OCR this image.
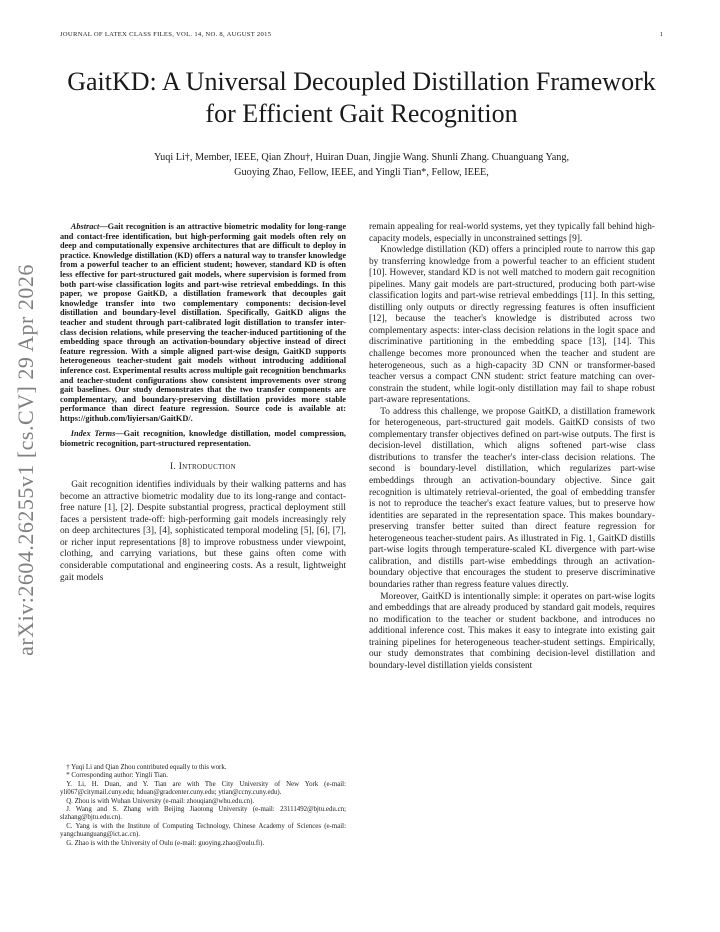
JOURNAL OF LATEX CLASS FILES, VOL. 14, NO. 8, AUGUST 2015	1
arXiv:2604.26255v1 [cs.CV] 29 Apr 2026
GaitKD: A Universal Decoupled Distillation Framework for Efficient Gait Recognition
Yuqi Li†, Member, IEEE, Qian Zhou†, Huiran Duan, Jingjie Wang. Shunli Zhang. Chuanguang Yang,
Guoying Zhao, Fellow, IEEE, and Yingli Tian*, Fellow, IEEE,
Abstract—Gait recognition is an attractive biometric modality for long-range and contact-free identification, but high-performing gait models often rely on deep and computationally expensive architectures that are difficult to deploy in practice. Knowledge distillation (KD) offers a natural way to transfer knowledge from a powerful teacher to an efficient student; however, standard KD is often less effective for part-structured gait models, where supervision is formed from both part-wise classification logits and part-wise retrieval embeddings. In this paper, we propose GaitKD, a distillation framework that decouples gait knowledge transfer into two complementary components: decision-level distillation and boundary-level distillation. Specifically, GaitKD aligns the teacher and student through part-calibrated logit distillation to transfer inter-class decision relations, while preserving the teacher-induced partitioning of the embedding space through an activation-boundary objective instead of direct feature regression. With a simple aligned part-wise design, GaitKD supports heterogeneous teacher-student gait models without introducing additional inference cost. Experimental results across multiple gait recognition benchmarks and teacher-student configurations show consistent improvements over strong gait baselines. Our study demonstrates that the two transfer components are complementary, and boundary-preserving distillation provides more stable performance than direct feature regression. Source code is available at: https://github.com/liyiersan/GaitKD/.
Index Terms—Gait recognition, knowledge distillation, model compression, biometric recognition, part-structured representation.
I. Introduction

Gait recognition identifies individuals by their walking patterns and has become an attractive biometric modality due to its long-range and contact-free nature [1], [2]. Despite substantial progress, practical deployment still faces a persistent trade-off: high-performing gait models increasingly rely on deep architectures [3], [4], sophisticated temporal modeling [5], [6], [7], or richer input representations [8] to improve robustness under viewpoint, clothing, and carrying variations, but these gains often come with considerable computational and engineering costs. As a result, lightweight gait models

† Yuqi Li and Qian Zhou contributed equally to this work.
* Corresponding author: Yingli Tian.
Y. Li, H. Duan, and Y. Tian are with The City University of New York (e-mail: yli067@citymail.cuny.edu; hduan@gradcenter.cuny.edu; ytian@ccny.cuny.edu).
Q. Zhou is with Wuhan University (e-mail: zhouqian@whu.edu.cn).
J. Wang and S. Zhang with Beijing Jiaotong University (e-mail: 23111492@bjtu.edu.cn; slzhang@bjtu.edu.cn).
C. Yang is with the Institute of Computing Technology, Chinese Academy of Sciences (e-mail: yangchuanguang@ict.ac.cn).
G. Zhao is with the University of Oulu (e-mail: guoying.zhao@oulu.fi).

remain appealing for real-world systems, yet they typically fall behind high-capacity models, especially in unconstrained settings [9].

Knowledge distillation (KD) offers a principled route to narrow this gap by transferring knowledge from a powerful teacher to an efficient student [10]. However, standard KD is not well matched to modern gait recognition pipelines. Many gait models are part-structured, producing both part-wise classification logits and part-wise retrieval embeddings [11]. In this setting, distilling only outputs or directly regressing features is often insufficient [12], because the teacher's knowledge is distributed across two complementary aspects: inter-class decision relations in the logit space and discriminative partitioning in the embedding space [13], [14]. This challenge becomes more pronounced when the teacher and student are heterogeneous, such as a high-capacity 3D CNN or transformer-based teacher versus a compact CNN student: strict feature matching can over-constrain the student, while logit-only distillation may fail to shape robust part-aware representations.

To address this challenge, we propose GaitKD, a distillation framework for heterogeneous, part-structured gait models. GaitKD consists of two complementary transfer objectives defined on part-wise outputs. The first is decision-level distillation, which aligns softened part-wise class distributions to transfer the teacher's inter-class decision relations. The second is boundary-level distillation, which regularizes part-wise embeddings through an activation-boundary objective. Since gait recognition is ultimately retrieval-oriented, the goal of embedding transfer is not to reproduce the teacher's exact feature values, but to preserve how identities are separated in the representation space. This makes boundary-preserving transfer better suited than direct feature regression for heterogeneous teacher-student pairs. As illustrated in Fig. 1, GaitKD distills part-wise logits through temperature-scaled KL divergence with part-wise calibration, and distills part-wise embeddings through an activation-boundary objective that encourages the student to preserve discriminative boundaries rather than regress feature values directly.

Moreover, GaitKD is intentionally simple: it operates on part-wise logits and embeddings that are already produced by standard gait models, requires no modification to the teacher or student backbone, and introduces no additional inference cost. This makes it easy to integrate into existing gait training pipelines for heterogeneous teacher-student settings. Empirically, our study demonstrates that combining decision-level distillation and boundary-level distillation yields consistent
